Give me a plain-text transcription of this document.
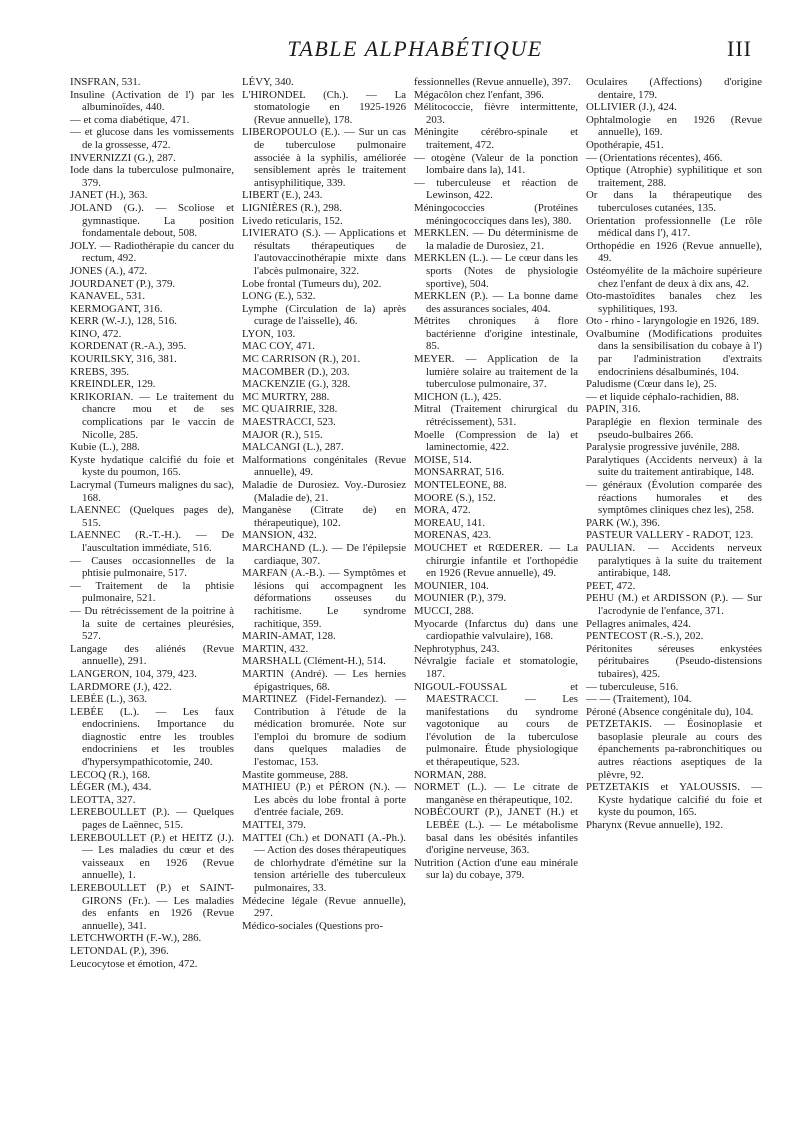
TABLE ALPHABÉTIQUE	III

INSFRAN, 531.

Insuline (Activation de l') par les albuminoïdes, 440.

— et coma diabétique, 471.

— et glucose dans les vomissements de la grossesse, 472.

INVERNIZZI (G.), 287.

Iode dans la tuberculose pulmonaire, 379.

JANET (H.), 363.

JOLAND (G.). — Scoliose et gymnastique. La position fondamentale debout, 508.

JOLY. — Radiothérapie du cancer du rectum, 492.

JONES (A.), 472.

JOURDANET (P.), 379.

KANAVEL, 531.

KERMOGANT, 316.

KERR (W.-J.), 128, 516.

KINO, 472.

KORDENAT (R.-A.), 395.

KOURILSKY, 316, 381.

KREBS, 395.

KREINDLER, 129.

KRIKORIAN. — Le traitement du chancre mou et de ses complications par le vaccin de Nicolle, 285.

Kubie (L.), 288.

Kyste hydatique calcifié du foie et kyste du poumon, 165.

Lacrymal (Tumeurs malignes du sac), 168.

LAENNEC (Quelques pages de), 515.

LAENNEC (R.-T.-H.). — De l'auscultation immédiate, 516.

— Causes occasionnelles de la phtisie pulmonaire, 517.

— Traitement de la phtisie pulmonaire, 521.

— Du rétrécissement de la poitrine à la suite de certaines pleurésies, 527.

Langage des aliénés (Revue annuelle), 291.

LANGERON, 104, 379, 423.

LARDMORE (J.), 422.

LEBÉE (L.), 363.

LEBÉE (L.). — Les faux endocriniens. Importance du diagnostic entre les troubles endocriniens et les troubles d'hypersympathicotomie, 240.

LECOQ (R.), 168.

LÉGER (M.), 434.

LEOTTA, 327.

LEREBOULLET (P.). — Quelques pages de Laënnec, 515.

LEREBOULLET (P.) et HEITZ (J.). — Les maladies du cœur et des vaisseaux en 1926 (Revue annuelle), 1.

LEREBOULLET (P.) et SAINT-GIRONS (Fr.). — Les maladies des enfants en 1926 (Revue annuelle), 341.

LETCHWORTH (F.-W.), 286.

LETONDAL (P.), 396.

Leucocytose et émotion, 472.

LÉVY, 340.

L'HIRONDEL (Ch.). — La stomatologie en 1925-1926 (Revue annuelle), 178.

LIBEROPOULO (E.). — Sur un cas de tuberculose pulmonaire associée à la syphilis, améliorée sensiblement après le traitement antisyphilitique, 339.

LIBERT (E.), 243.

LIGNIÈRES (R.), 298.

Livedo reticularis, 152.

LIVIERATO (S.). — Applications et résultats thérapeutiques de l'autovaccinothérapie mixte dans l'abcès pulmonaire, 322.

Lobe frontal (Tumeurs du), 202.

LONG (E.), 532.

Lymphe (Circulation de la) après curage de l'aisselle), 46.

LYON, 103.

MAC COY, 471.

MC CARRISON (R.), 201.

MACOMBER (D.), 203.

MACKENZIE (G.), 328.

MC MURTRY, 288.

MC QUAIRRIE, 328.

MAESTRACCI, 523.

MAJOR (R.), 515.

MALCANGI (L.), 287.

Malformations congénitales (Revue annuelle), 49.

Maladie de Durosiez. Voy.-Durosiez (Maladie de), 21.

Manganèse (Citrate de) en thérapeutique), 102.

MANSION, 432.

MARCHAND (L.). — De l'épilepsie cardiaque, 307.

MARFAN (A.-B.). — Symptômes et lésions qui accompagnent les déformations osseuses du rachitisme. Le syndrome rachitique, 359.

MARIN-AMAT, 128.

MARTIN, 432.

MARSHALL (Clément-H.), 514.

MARTIN (André). — Les hernies épigastriques, 68.

MARTINEZ (Fidel-Fernandez). — Contribution à l'étude de la médication bromurée. Note sur l'emploi du bromure de sodium dans quelques maladies de l'estomac, 153.

Mastite gommeuse, 288.

MATHIEU (P.) et PÉRON (N.). — Les abcès du lobe frontal à porte d'entrée faciale, 269.

MATTEI, 379.

MATTEI (Ch.) et DONATI (A.-Ph.). — Action des doses thérapeutiques de chlorhydrate d'émétine sur la tension artérielle des tuberculeux pulmonaires, 33.

Médecine légale (Revue annuelle), 297.

Médico-sociales (Questions pro-

fessionnelles (Revue annuelle), 397.

Mégacôlon chez l'enfant, 396.

Mélitococcie, fièvre intermittente, 203.

Méningite cérébro-spinale et traitement, 472.

— otogène (Valeur de la ponction lombaire dans la), 141.

— tuberculeuse et réaction de Lewinson, 422.

Méningococcies (Protéines méningococciques dans les), 380.

MERKLEN. — Du déterminisme de la maladie de Durosiez, 21.

MERKLEN (L.). — Le cœur dans les sports (Notes de physiologie sportive), 504.

MERKLEN (P.). — La bonne dame des assurances sociales, 404.

Métrites chroniques à flore bactérienne d'origine intestinale, 85.

MEYER. — Application de la lumière solaire au traitement de la tuberculose pulmonaire, 37.

MICHON (L.), 425.

Mitral (Traitement chirurgical du rétrécissement), 531.

Moelle (Compression de la) et laminectomie, 422.

MOISE, 514.

MONSARRAT, 516.

MONTELEONE, 88.

MOORE (S.), 152.

MORA, 472.

MOREAU, 141.

MORENAS, 423.

MOUCHET et RŒDERER. — La chirurgie infantile et l'orthopédie en 1926 (Revue annuelle), 49.

MOUNIER, 104.

MOUNIER (P.), 379.

MUCCI, 288.

Myocarde (Infarctus du) dans une cardiopathie valvulaire), 168.

Nephrotyphus, 243.

Névralgie faciale et stomatologie, 187.

NIGOUL-FOUSSAL et MAESTRACCI. — Les manifestations du syndrome vagotonique au cours de l'évolution de la tuberculose pulmonaire. Étude physiologique et thérapeutique, 523.

NORMAN, 288.

NORMET (L.). — Le citrate de manganèse en thérapeutique, 102.

NOBÉCOURT (P.), JANET (H.) et LEBÉE (L.). — Le métabolisme basal dans les obésités infantiles d'origine nerveuse, 363.

Nutrition (Action d'une eau minérale sur la) du cobaye, 379.

Oculaires (Affections) d'origine dentaire, 179.

OLLIVIER (J.), 424.

Ophtalmologie en 1926 (Revue annuelle), 169.

Opothérapie, 451.

— (Orientations récentes), 466.

Optique (Atrophie) syphilitique et son traitement, 288.

Or dans la thérapeutique des tuberculoses cutanées, 135.

Orientation professionnelle (Le rôle médical dans l'), 417.

Orthopédie en 1926 (Revue annuelle), 49.

Ostéomyélite de la mâchoire supérieure chez l'enfant de deux à dix ans, 42.

Oto-mastoïdites banales chez les syphilitiques, 193.

Oto - rhino - laryngologie en 1926, 189.

Ovalbumine (Modifications produites dans la sensibilisation du cobaye à l') par l'administration d'extraits endocriniens désalbuminés, 104.

Paludisme (Cœur dans le), 25.

— et liquide céphalo-rachidien, 88.

PAPIN, 316.

Paraplégie en flexion terminale des pseudo-bulbaires 266.

Paralysie progressive juvénile, 288.

Paralytiques (Accidents nerveux) à la suite du traitement antirabique, 148.

— généraux (Évolution comparée des réactions humorales et des symptômes cliniques chez les), 258.

PARK (W.), 396.

PASTEUR VALLERY - RADOT, 123.

PAULIAN. — Accidents nerveux paralytiques à la suite du traitement antirabique, 148.

PEET, 472.

PEHU (M.) et ARDISSON (P.). — Sur l'acrodynie de l'enfance, 371.

Pellagres animales, 424.

PENTECOST (R.-S.), 202.

Péritonites séreuses enkystées péritubaires (Pseudo-distensions tubaires), 425.

— tuberculeuse, 516.

— — (Traitement), 104.

Péroné (Absence congénitale du), 104.

PETZETAKIS. — Éosinoplasie et basoplasie pleurale au cours des épanchements pa-rabronchitiques ou autres réactions aseptiques de la plèvre, 92.

PETZETAKIS et YALOUSSIS. — Kyste hydatique calcifié du foie et kyste du poumon, 165.

Pharynx (Revue annuelle), 192.
